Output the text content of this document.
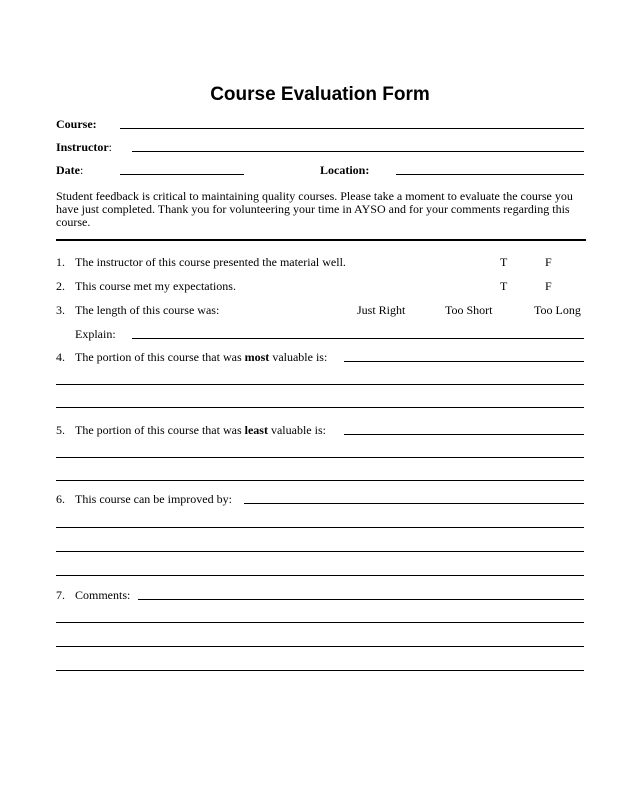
Course Evaluation Form
Course:
Instructor:
Date:	Location:
Student feedback is critical to maintaining quality courses. Please take a moment to evaluate the course you have just completed. Thank you for volunteering your time in AYSO and for your comments regarding this course.
1. The instructor of this course presented the material well.	T	F
2. This course met my expectations.	T	F
3. The length of this course was:	Just Right	Too Short	Too Long
Explain:
4. The portion of this course that was most valuable is:
5. The portion of this course that was least valuable is:
6. This course can be improved by:
7. Comments:
